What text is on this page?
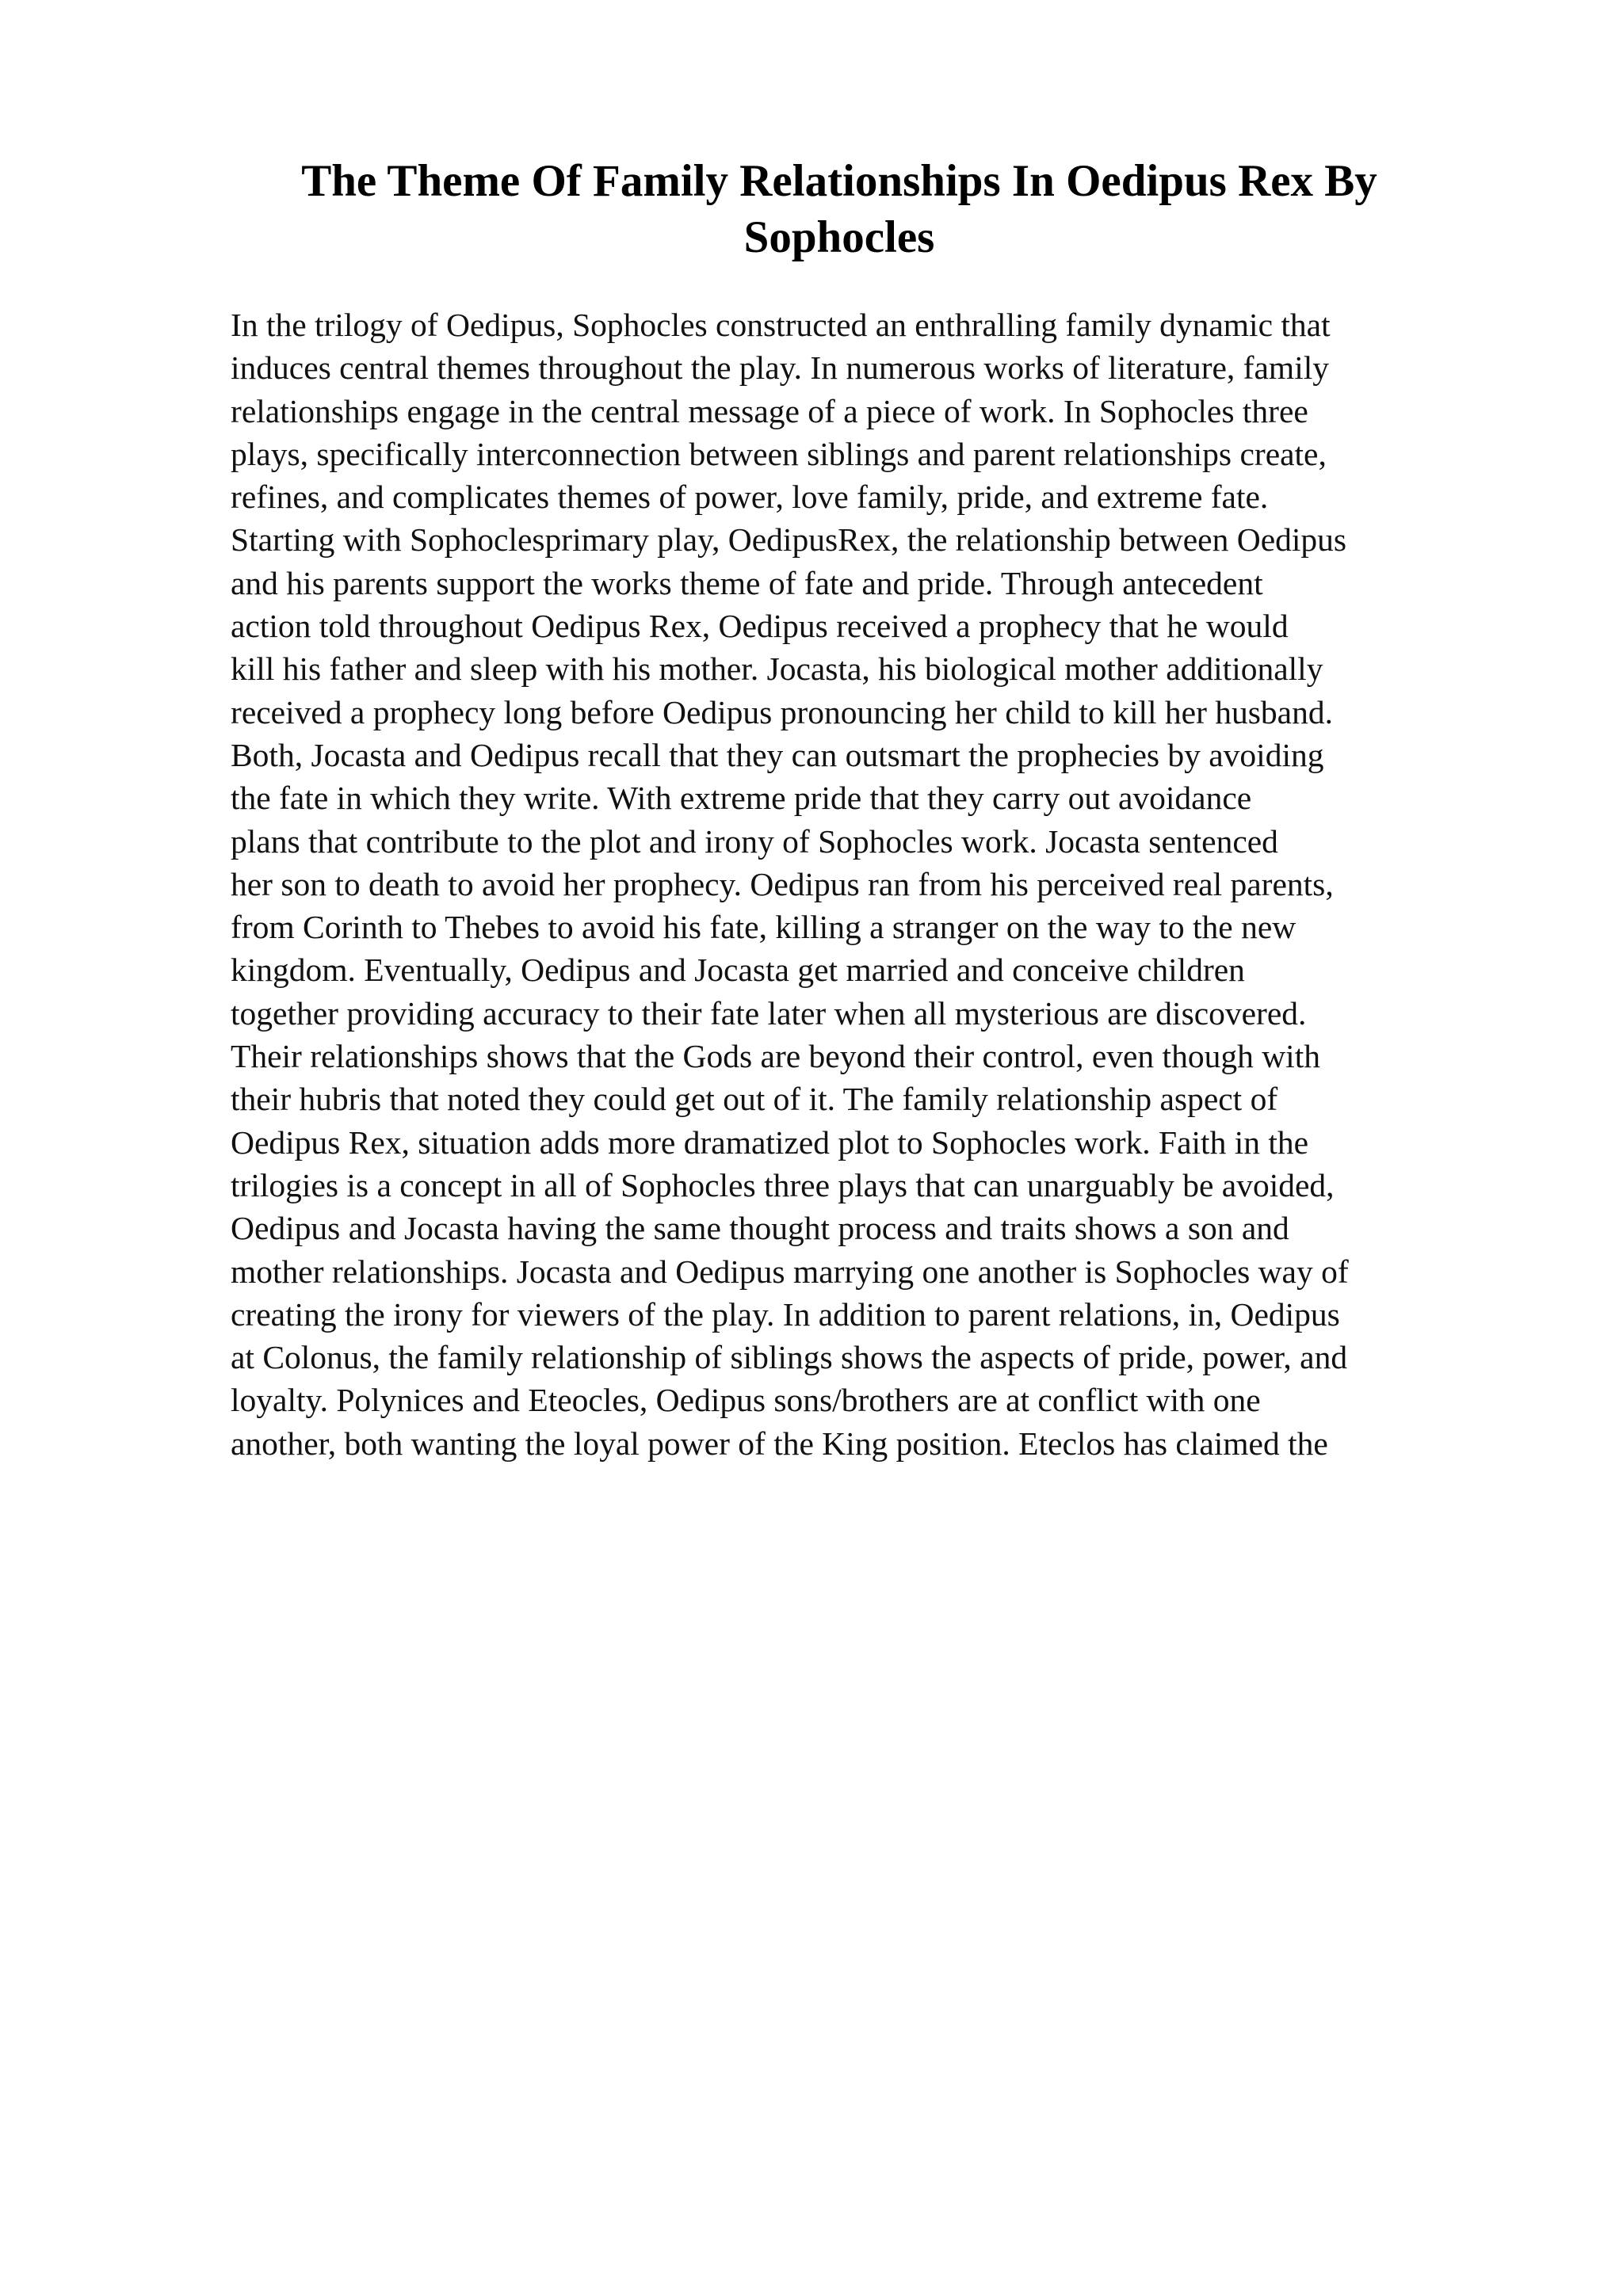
The Theme Of Family Relationships In Oedipus Rex By
Sophocles
In the trilogy of Oedipus, Sophocles constructed an enthralling family dynamic that
induces central themes throughout the play. In numerous works of literature, family
relationships engage in the central message of a piece of work. In Sophocles three
plays, specifically interconnection between siblings and parent relationships create,
refines, and complicates themes of power, love family, pride, and extreme fate.
Starting with Sophoclesprimary play, OedipusRex, the relationship between Oedipus
and his parents support the works theme of fate and pride. Through antecedent
action told throughout Oedipus Rex, Oedipus received a prophecy that he would
kill his father and sleep with his mother. Jocasta, his biological mother additionally
received a prophecy long before Oedipus pronouncing her child to kill her husband.
Both, Jocasta and Oedipus recall that they can outsmart the prophecies by avoiding
the fate in which they write. With extreme pride that they carry out avoidance
plans that contribute to the plot and irony of Sophocles work. Jocasta sentenced
her son to death to avoid her prophecy. Oedipus ran from his perceived real parents,
from Corinth to Thebes to avoid his fate, killing a stranger on the way to the new
kingdom. Eventually, Oedipus and Jocasta get married and conceive children
together providing accuracy to their fate later when all mysterious are discovered.
Their relationships shows that the Gods are beyond their control, even though with
their hubris that noted they could get out of it. The family relationship aspect of
Oedipus Rex, situation adds more dramatized plot to Sophocles work. Faith in the
trilogies is a concept in all of Sophocles three plays that can unarguably be avoided,
Oedipus and Jocasta having the same thought process and traits shows a son and
mother relationships. Jocasta and Oedipus marrying one another is Sophocles way of
creating the irony for viewers of the play. In addition to parent relations, in, Oedipus
at Colonus, the family relationship of siblings shows the aspects of pride, power, and
loyalty. Polynices and Eteocles, Oedipus sons/brothers are at conflict with one
another, both wanting the loyal power of the King position. Eteclos has claimed the
